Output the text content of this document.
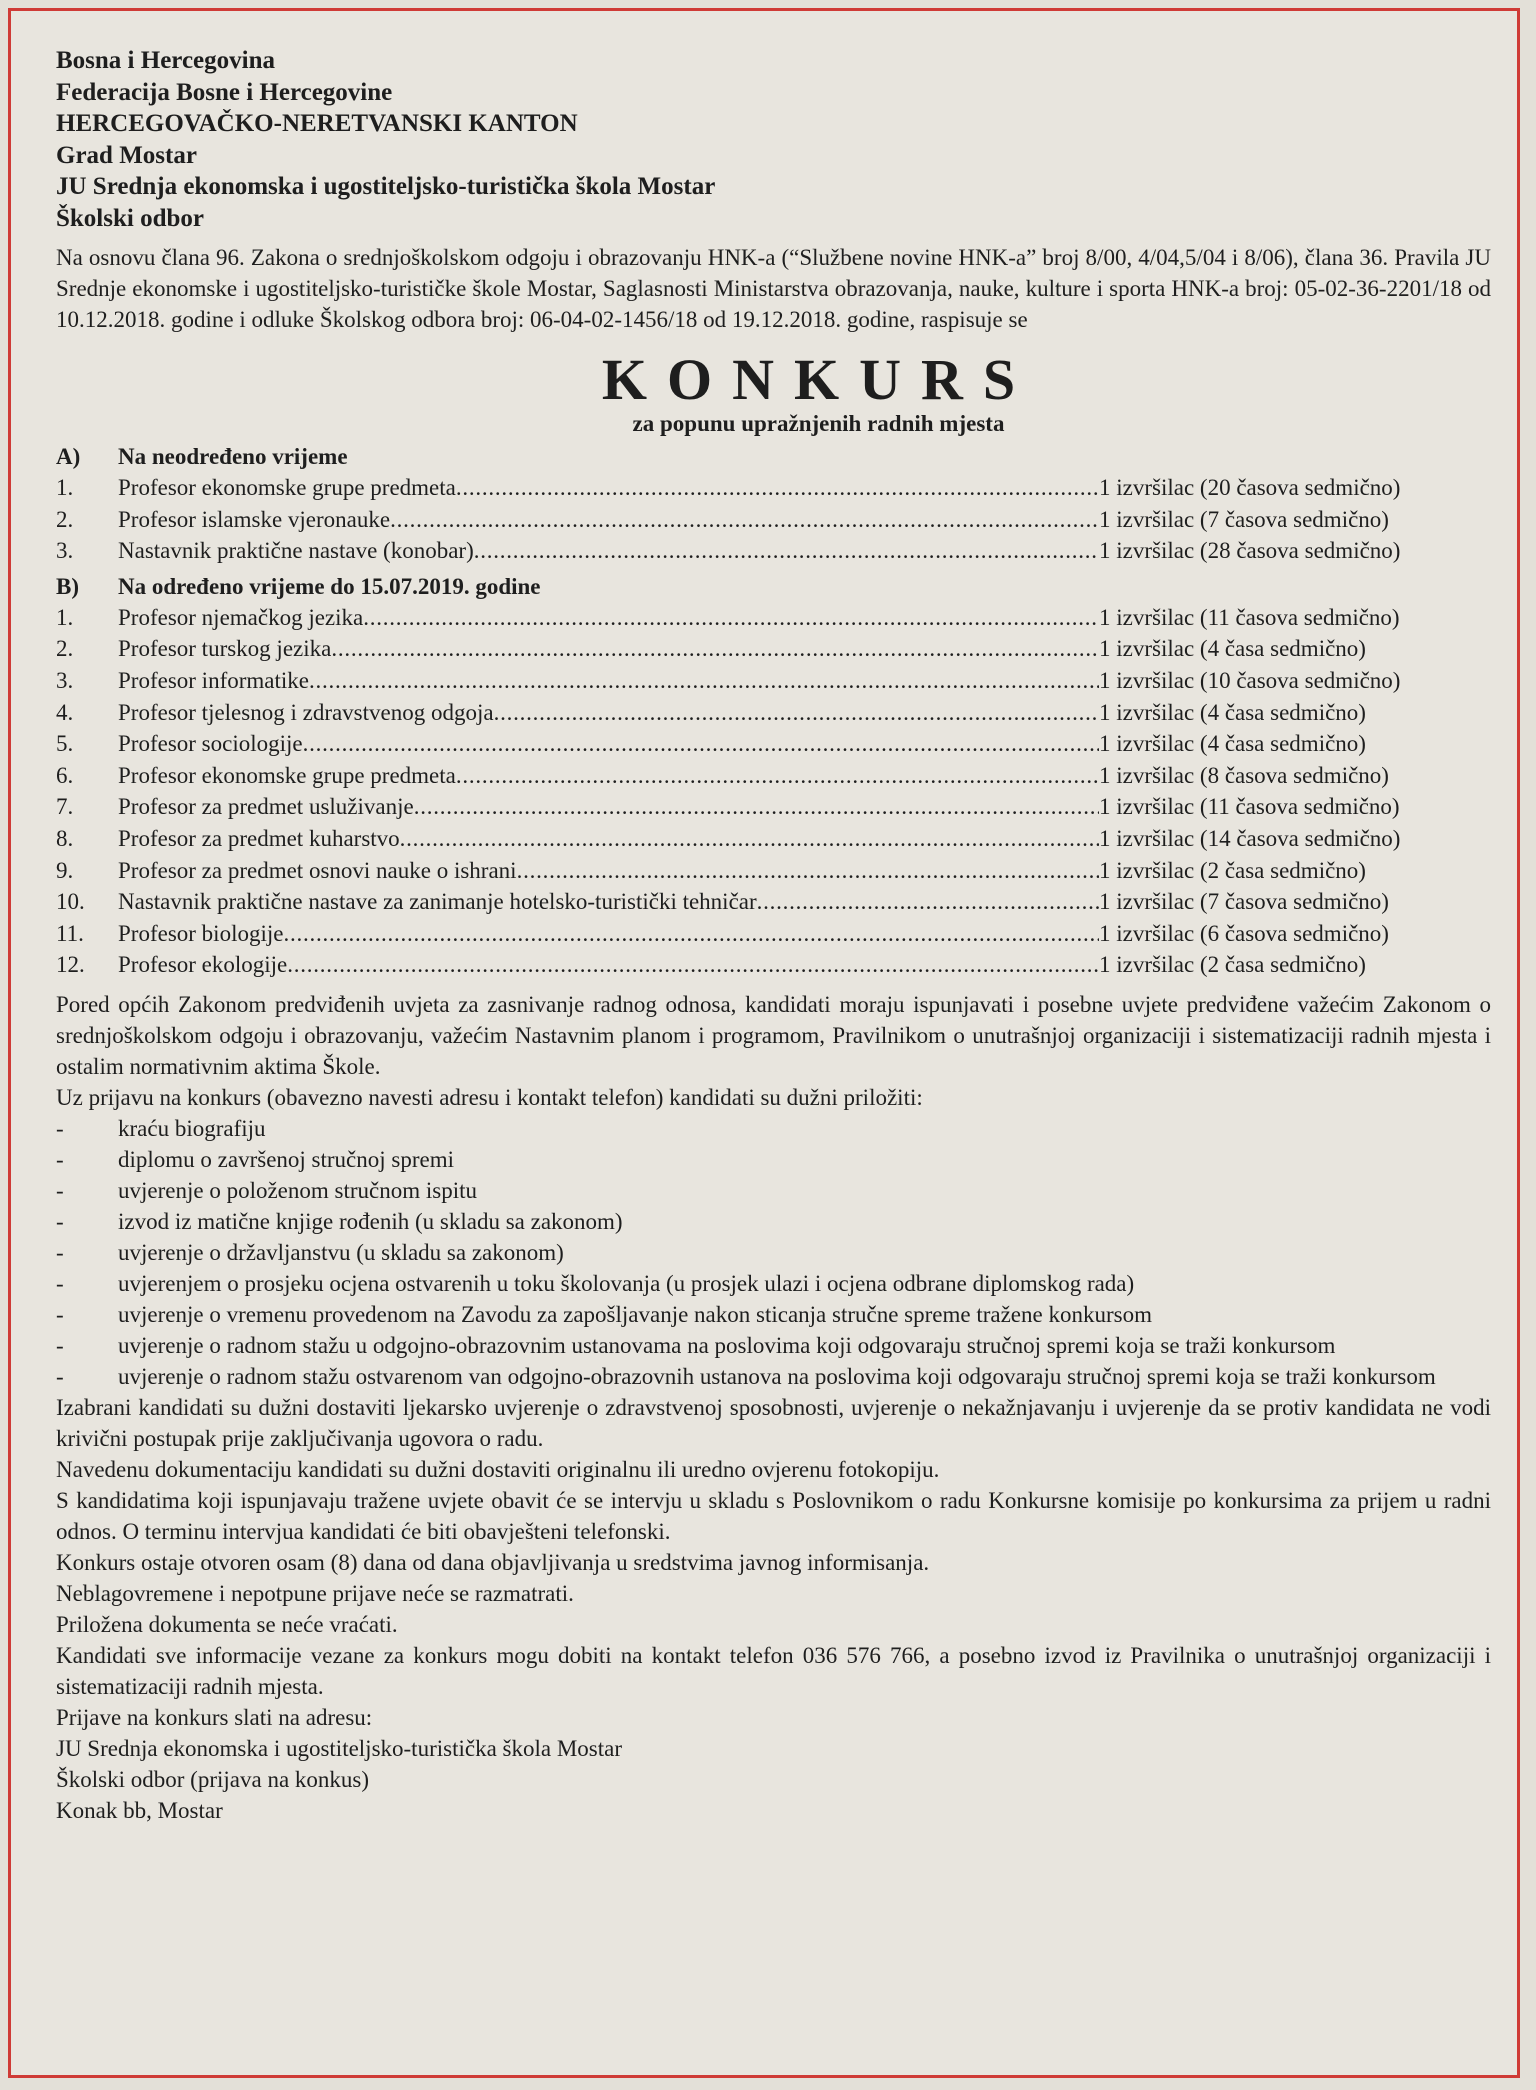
Bosna i Hercegovina
Federacija Bosne i Hercegovine
HERCEGOVAČKO-NERETVANSKI KANTON
Grad Mostar
JU Srednja ekonomska i ugostiteljsko-turistička škola Mostar
Školski odbor
Na osnovu člana 96. Zakona o srednjoškolskom odgoju i obrazovanju HNK-a (“Službene novine HNK-a” broj 8/00, 4/04,5/04 i 8/06), člana 36. Pravila JU Srednje ekonomske i ugostiteljsko-turističke škole Mostar, Saglasnosti Ministarstva obrazovanja, nauke, kulture i sporta HNK-a broj: 05-02-36-2201/18 od 10.12.2018. godine i odluke Školskog odbora broj: 06-04-02-1456/18 od 19.12.2018. godine, raspisuje se
KONKURS
za popunu upražnjenih radnih mjesta
A)	Na neodređeno vrijeme
1.	Profesor ekonomske grupe predmeta . . .	1 izvršilac (20 časova sedmično)
2.	Profesor islamske vjeronauke . . .	1 izvršilac (7 časova sedmično)
3.	Nastavnik praktične nastave (konobar) . . .	1 izvršilac (28 časova sedmično)
B)	Na određeno vrijeme do 15.07.2019. godine
1.	Profesor njemačkog jezika . . .	1 izvršilac (11 časova sedmično)
2.	Profesor turskog jezika . . .	1 izvršilac (4 časa sedmično)
3.	Profesor informatike . . .	1 izvršilac (10 časova sedmično)
4.	Profesor tjelesnog i zdravstvenog odgoja . . .	1 izvršilac (4 časa sedmično)
5.	Profesor sociologije . . .	1 izvršilac (4 časa sedmično)
6.	Profesor ekonomske grupe predmeta . . .	1 izvršilac (8 časova sedmično)
7.	Profesor za predmet usluživanje . . .	1 izvršilac (11 časova sedmično)
8.	Profesor za predmet kuharstvo . . .	1 izvršilac (14 časova sedmično)
9.	Profesor za predmet osnovi nauke o ishrani . . .	1 izvršilac (2 časa sedmično)
10.	Nastavnik praktične nastave za zanimanje hotelsko-turistički tehničar . . .	1 izvršilac (7 časova sedmično)
11.	Profesor biologije . . .	1 izvršilac (6 časova sedmično)
12.	Profesor ekologije . . .	1 izvršilac (2 časa sedmično)
Pored općih Zakonom predviđenih uvjeta za zasnivanje radnog odnosa, kandidati moraju ispunjavati i posebne uvjete predviđene važećim Zakonom o srednjoškolskom odgoju i obrazovanju, važećim Nastavnim planom i programom, Pravilnikom o unutrašnjoj organizaciji i sistematizaciji radnih mjesta i ostalim normativnim aktima Škole.
Uz prijavu na konkurs (obavezno navesti adresu i kontakt telefon) kandidati su dužni priložiti:
-	kraću biografiju
-	diplomu o završenoj stručnoj spremi
-	uvjerenje o položenom stručnom ispitu
-	izvod iz matične knjige rođenih (u skladu sa zakonom)
-	uvjerenje o državljanstvu (u skladu sa zakonom)
-	uvjerenjem o prosjeku ocjena ostvarenih u toku školovanja (u prosjek ulazi i ocjena odbrane diplomskog rada)
-	uvjerenje o vremenu provedenom na Zavodu za zapošljavanje nakon sticanja stručne spreme tražene konkursom
-	uvjerenje o radnom stažu u odgojno-obrazovnim ustanovama na poslovima koji odgovaraju stručnoj spremi koja se traži konkursom
-	uvjerenje o radnom stažu ostvarenom van odgojno-obrazovnih ustanova na poslovima koji odgovaraju stručnoj spremi koja se traži konkursom
Izabrani kandidati su dužni dostaviti ljekarsko uvjerenje o zdravstvenoj sposobnosti, uvjerenje o nekažnjavanju i uvjerenje da se protiv kandidata ne vodi krivični postupak prije zaključivanja ugovora o radu.
Navedenu dokumentaciju kandidati su dužni dostaviti originalnu ili uredno ovjerenu fotokopiju.
S kandidatima koji ispunjavaju tražene uvjete obavit će se intervju u skladu s Poslovnikom o radu Konkursne komisije po konkursima za prijem u radni odnos. O terminu intervjua kandidati će biti obavještenі telefonski.
Konkurs ostaje otvoren osam (8) dana od dana objavljivanja u sredstvima javnog informisanja.
Neblagovremene i nepotpune prijave neće se razmatrati.
Priložena dokumenta se neće vraćati.
Kandidati sve informacije vezane za konkurs mogu dobiti na kontakt telefon 036 576 766, a posebno izvod iz Pravilnika o unutrašnjoj organizaciji i sistematizaciji radnih mjesta.
Prijave na konkurs slati na adresu:
JU Srednja ekonomska i ugostiteljsko-turistička škola Mostar
Školski odbor (prijava na konkus)
Konak bb, Mostar
